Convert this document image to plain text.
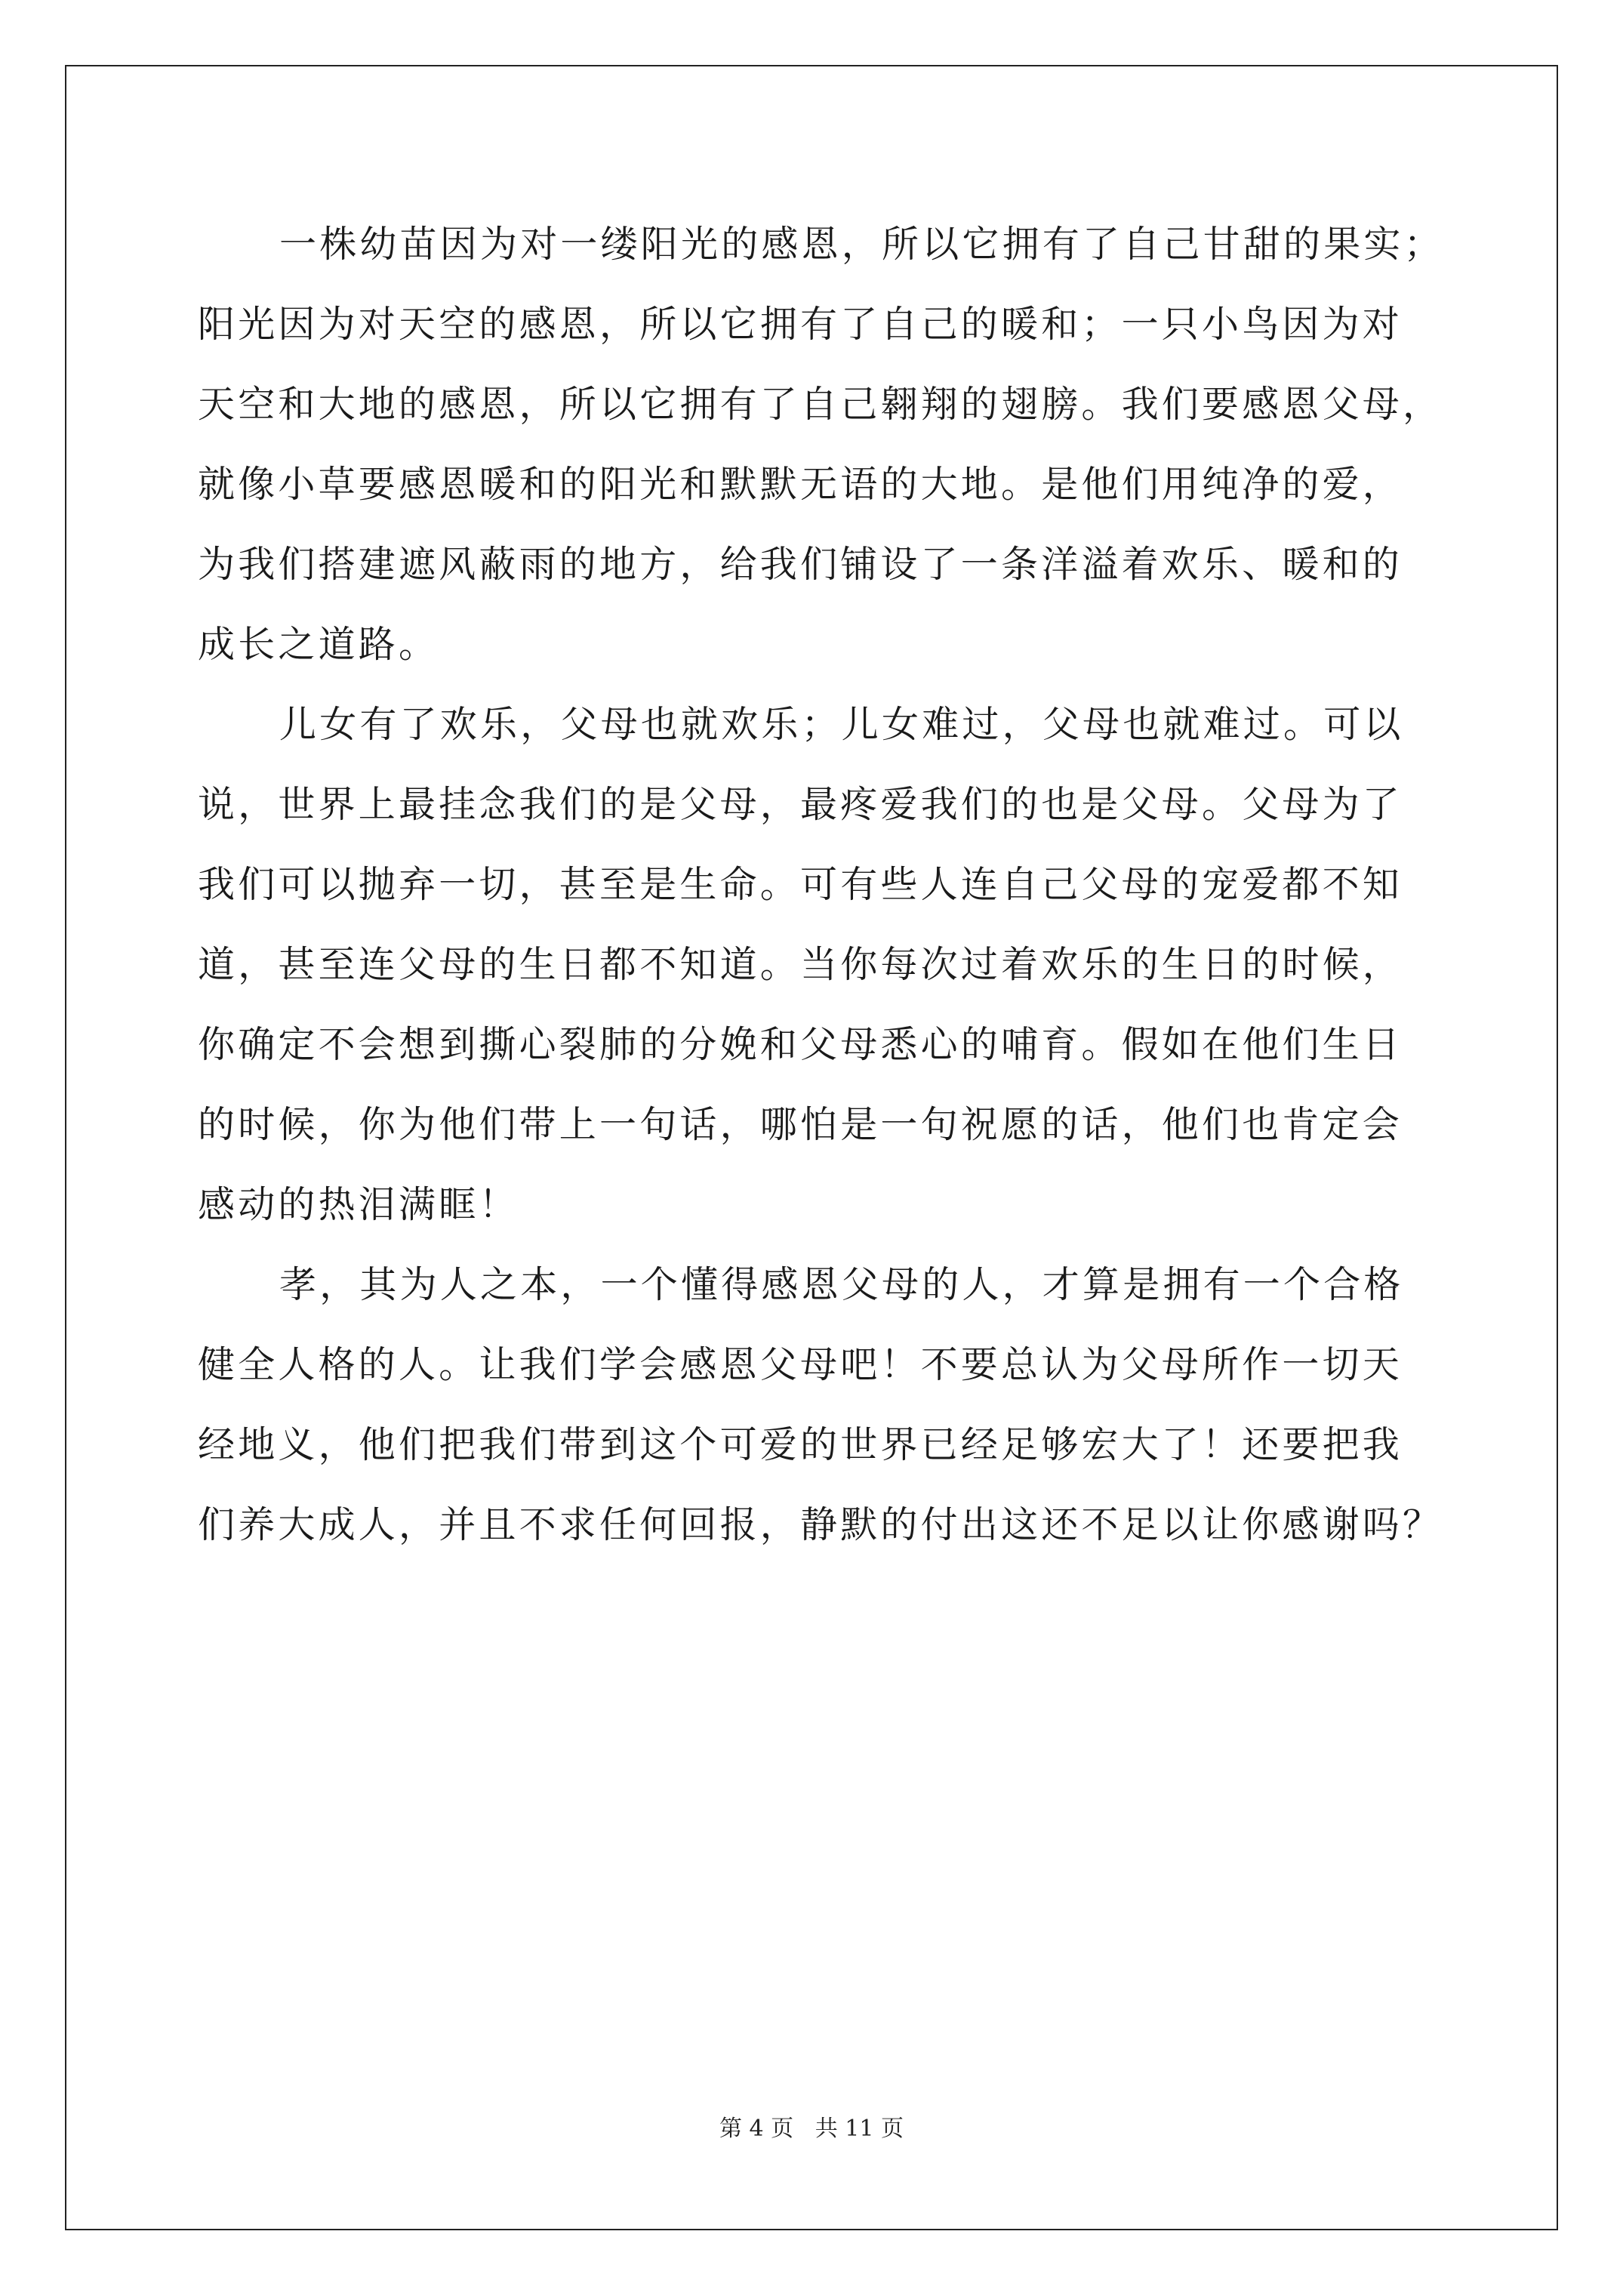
一株幼苗因为对一缕阳光的感恩，所以它拥有了自己甘甜的果实；
阳光因为对天空的感恩，所以它拥有了自己的暖和；一只小鸟因为对
天空和大地的感恩，所以它拥有了自己翱翔的翅膀。我们要感恩父母，
就像小草要感恩暖和的阳光和默默无语的大地。是他们用纯净的爱，
为我们搭建遮风蔽雨的地方，给我们铺设了一条洋溢着欢乐、暖和的
成长之道路。

儿女有了欢乐，父母也就欢乐；儿女难过，父母也就难过。可以
说，世界上最挂念我们的是父母，最疼爱我们的也是父母。父母为了
我们可以抛弃一切，甚至是生命。可有些人连自己父母的宠爱都不知
道，甚至连父母的生日都不知道。当你每次过着欢乐的生日的时候，
你确定不会想到撕心裂肺的分娩和父母悉心的哺育。假如在他们生日
的时候，你为他们带上一句话，哪怕是一句祝愿的话，他们也肯定会
感动的热泪满眶！

孝，其为人之本，一个懂得感恩父母的人，才算是拥有一个合格
健全人格的人。让我们学会感恩父母吧！不要总认为父母所作一切天
经地义，他们把我们带到这个可爱的世界已经足够宏大了！还要把我
们养大成人，并且不求任何回报，静默的付出这还不足以让你感谢吗？

第 4 页 共 11 页
